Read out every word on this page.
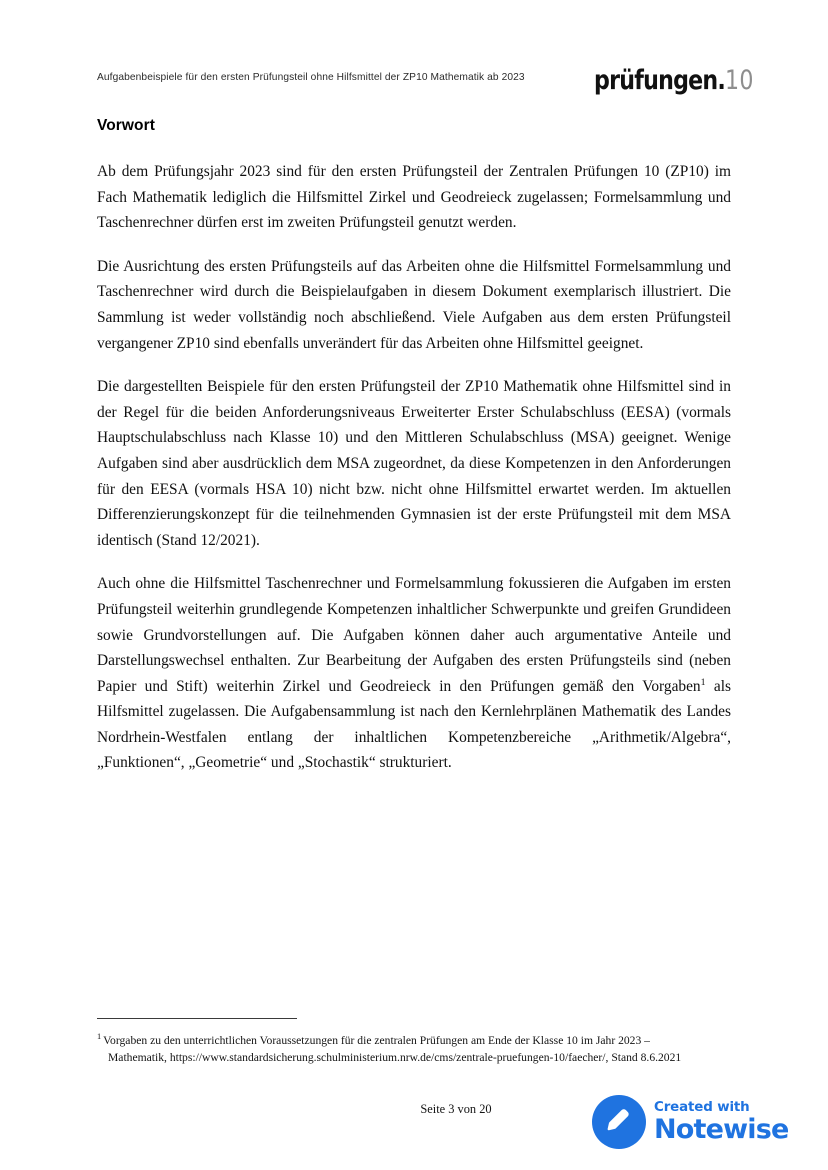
Aufgabenbeispiele für den ersten Prüfungsteil ohne Hilfsmittel der ZP10 Mathematik ab 2023	prüfungen.10
Vorwort

Ab dem Prüfungsjahr 2023 sind für den ersten Prüfungsteil der Zentralen Prüfungen 10 (ZP10) im Fach Mathematik lediglich die Hilfsmittel Zirkel und Geodreieck zugelassen; Formelsammlung und Taschenrechner dürfen erst im zweiten Prüfungsteil genutzt werden.

Die Ausrichtung des ersten Prüfungsteils auf das Arbeiten ohne die Hilfsmittel Formelsammlung und Taschenrechner wird durch die Beispielaufgaben in diesem Dokument exemplarisch illustriert. Die Sammlung ist weder vollständig noch abschließend. Viele Aufgaben aus dem ersten Prüfungsteil vergangener ZP10 sind ebenfalls unverändert für das Arbeiten ohne Hilfsmittel geeignet.

Die dargestellten Beispiele für den ersten Prüfungsteil der ZP10 Mathematik ohne Hilfsmittel sind in der Regel für die beiden Anforderungsniveaus Erweiterter Erster Schulabschluss (EESA) (vormals Hauptschulabschluss nach Klasse 10) und den Mittleren Schulabschluss (MSA) geeignet. Wenige Aufgaben sind aber ausdrücklich dem MSA zugeordnet, da diese Kompetenzen in den Anforderungen für den EESA (vormals HSA 10) nicht bzw. nicht ohne Hilfsmittel erwartet werden. Im aktuellen Differenzierungskonzept für die teilnehmenden Gymnasien ist der erste Prüfungsteil mit dem MSA identisch (Stand 12/2021).

Auch ohne die Hilfsmittel Taschenrechner und Formelsammlung fokussieren die Aufgaben im ersten Prüfungsteil weiterhin grundlegende Kompetenzen inhaltlicher Schwerpunkte und greifen Grundideen sowie Grundvorstellungen auf. Die Aufgaben können daher auch argumentative Anteile und Darstellungswechsel enthalten. Zur Bearbeitung der Aufgaben des ersten Prüfungsteils sind (neben Papier und Stift) weiterhin Zirkel und Geodreieck in den Prüfungen gemäß den Vorgaben$^1$ als Hilfsmittel zugelassen. Die Aufgabensammlung ist nach den Kernlehrplänen Mathematik des Landes Nordrhein-Westfalen entlang der inhaltlichen Kompetenzbereiche „Arithmetik/Algebra“, „Funktionen“, „Geometrie“ und „Stochastik“ strukturiert.

$^1$ Vorgaben zu den unterrichtlichen Voraussetzungen für die zentralen Prüfungen am Ende der Klasse 10 im Jahr 2023 –
Mathematik, https://www.standardsicherung.schulministerium.nrw.de/cms/zentrale-pruefungen-10/faecher/, Stand 8.6.2021

Seite 3 von 20	Created with
Notewise
